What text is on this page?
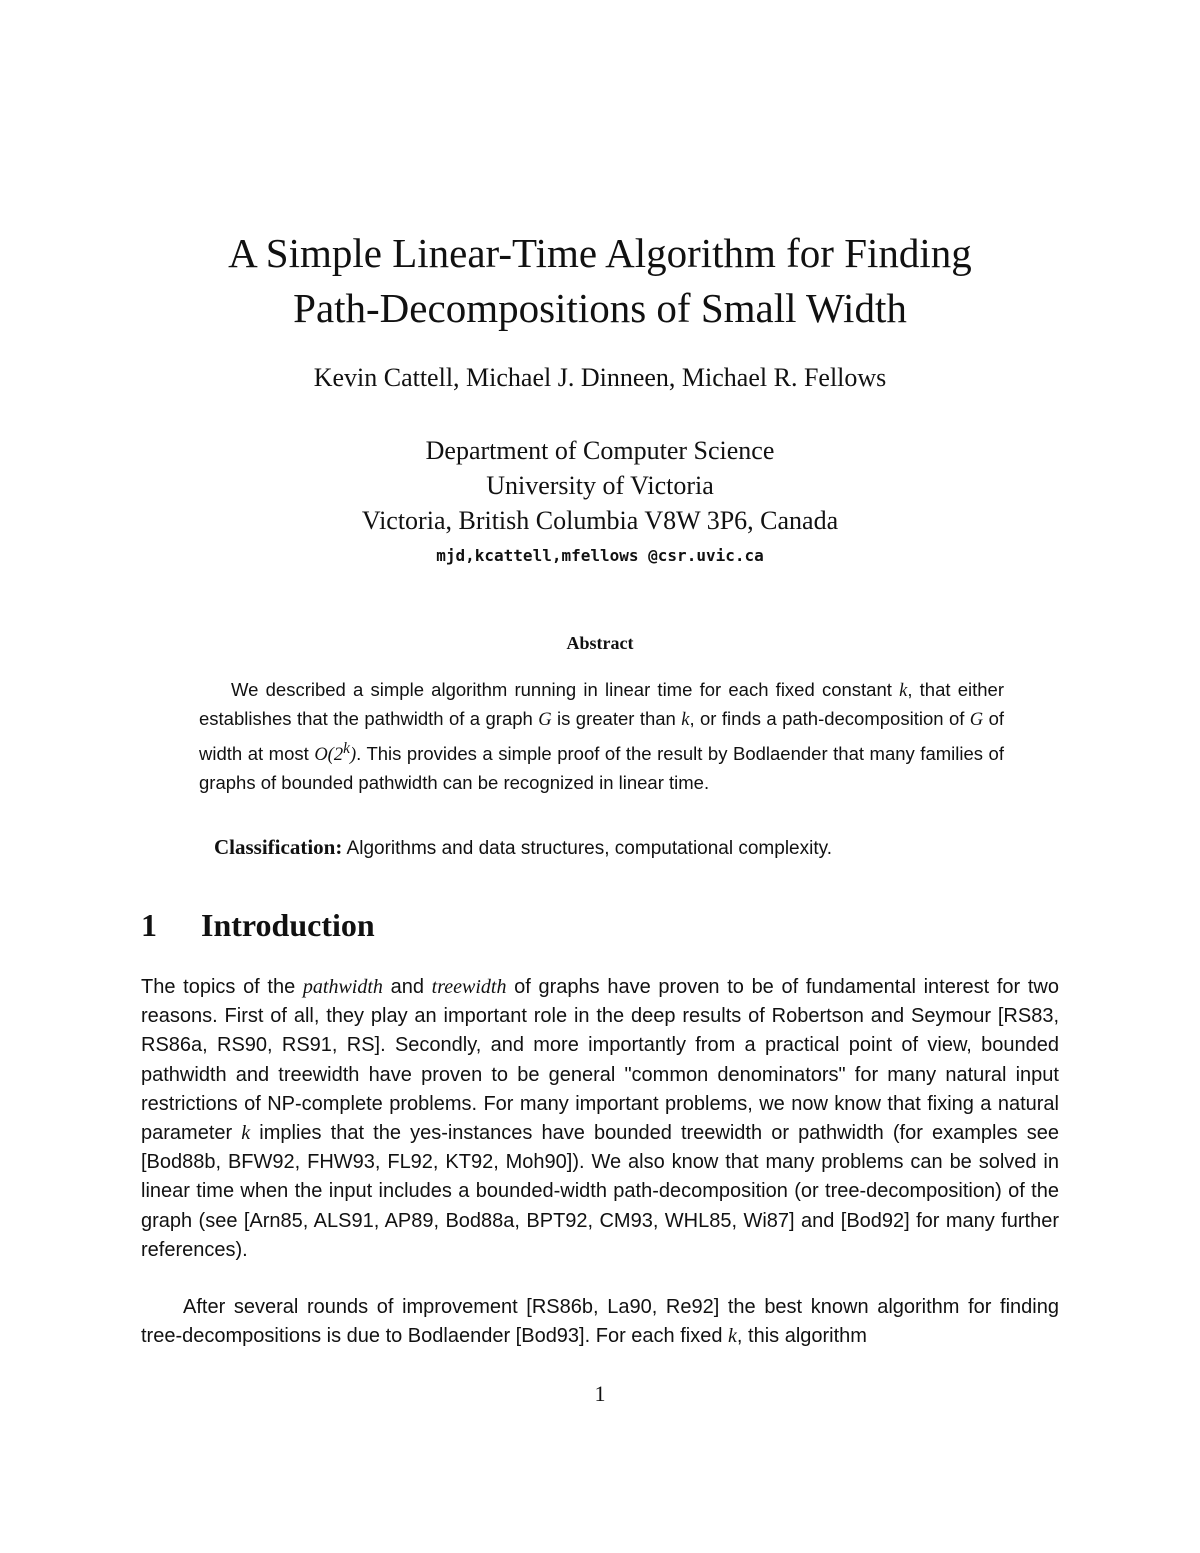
A Simple Linear-Time Algorithm for Finding
Path-Decompositions of Small Width
Kevin Cattell, Michael J. Dinneen, Michael R. Fellows
Department of Computer Science
University of Victoria
Victoria, British Columbia V8W 3P6, Canada
mjd,kcattell,mfellows @csr.uvic.ca
Abstract

We described a simple algorithm running in linear time for each fixed constant k, that either establishes that the pathwidth of a graph G is greater than k, or finds a path-decomposition of G of width at most O(2$^k$). This provides a simple proof of the result by Bodlaender that many families of graphs of bounded pathwidth can be recognized in linear time.

Classification: Algorithms and data structures, computational complexity.
1 Introduction

The topics of the pathwidth and treewidth of graphs have proven to be of fundamental interest for two reasons. First of all, they play an important role in the deep results of Robertson and Seymour [RS83, RS86a, RS90, RS91, RS]. Secondly, and more importantly from a practical point of view, bounded pathwidth and treewidth have proven to be general "common denominators" for many natural input restrictions of NP-complete problems. For many important problems, we now know that fixing a natural parameter k implies that the yes-instances have bounded treewidth or pathwidth (for examples see [Bod88b, BFW92, FHW93, FL92, KT92, Moh90]). We also know that many problems can be solved in linear time when the input includes a bounded-width path-decomposition (or tree-decomposition) of the graph (see [Arn85, ALS91, AP89, Bod88a, BPT92, CM93, WHL85, Wi87] and [Bod92] for many further references).

After several rounds of improvement [RS86b, La90, Re92] the best known algorithm for finding tree-decompositions is due to Bodlaender [Bod93]. For each fixed k, this algorithm

1
